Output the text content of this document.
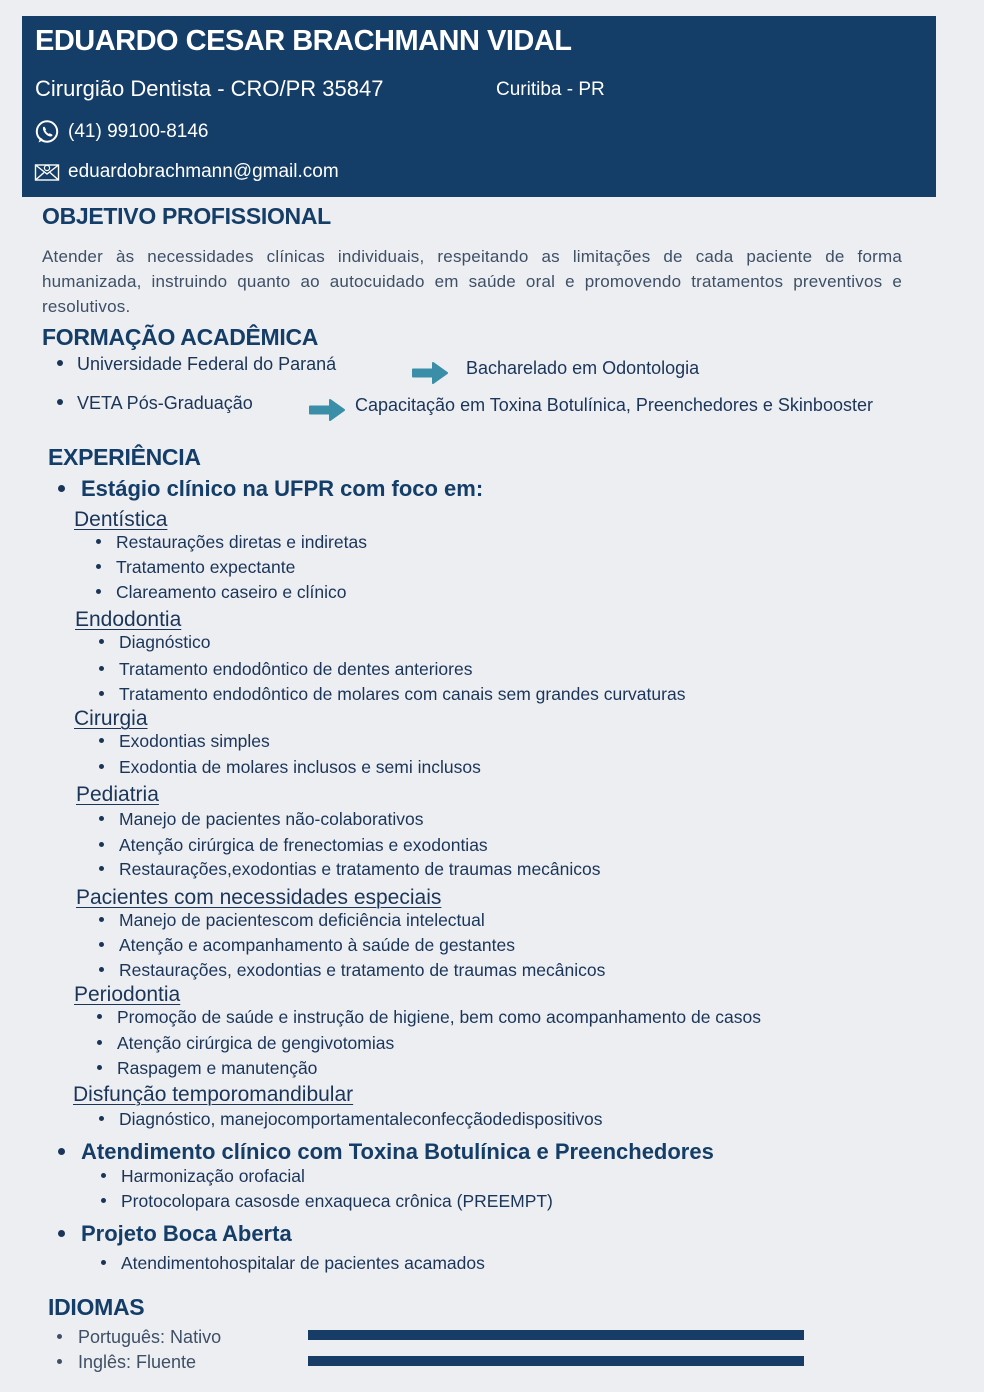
EDUARDO CESAR BRACHMANN VIDAL
Cirurgião Dentista - CRO/PR 35847	Curitiba - PR
(41) 99100-8146
eduardobrachmann@gmail.com
OBJETIVO PROFISSIONAL
Atender às necessidades clínicas individuais, respeitando as limitações de cada paciente de forma humanizada, instruindo quanto ao autocuidado em saúde oral e promovendo tratamentos preventivos e resolutivos.
FORMAÇÃO ACADÊMICA
Universidade Federal do Paraná	Bacharelado em Odontologia
VETA Pós-Graduação	Capacitação em Toxina Botulínica, Preenchedores e Skinbooster
EXPERIÊNCIA
Estágio clínico na UFPR com foco em:
Dentística
Restaurações diretas e indiretas
Tratamento expectante
Clareamento caseiro e clínico
Endodontia
Diagnóstico
Tratamento endodôntico de dentes anteriores
Tratamento endodôntico de molares com canais sem grandes curvaturas
Cirurgia
Exodontias simples
Exodontia de molares inclusos e semi inclusos
Pediatria
Manejo de pacientes não-colaborativos
Atenção cirúrgica de frenectomias e exodontias
Restaurações,exodontias e tratamento de traumas mecânicos
Pacientes com necessidades especiais
Manejo de pacientescom deficiência intelectual
Atenção e acompanhamento à saúde de gestantes
Restaurações, exodontias e tratamento de traumas mecânicos
Periodontia
Promoção de saúde e instrução de higiene, bem como acompanhamento de casos
Atenção cirúrgica de gengivotomias
Raspagem e manutenção
Disfunção temporomandibular
Diagnóstico, manejocomportamentaleconfecçãodedispositivos
Atendimento clínico com Toxina Botulínica e Preenchedores
Harmonização orofacial
Protocolopara casosde enxaqueca crônica (PREEMPT)
Projeto Boca Aberta
Atendimentohospitalar de pacientes acamados
IDIOMAS
Português: Nativo
Inglês: Fluente
